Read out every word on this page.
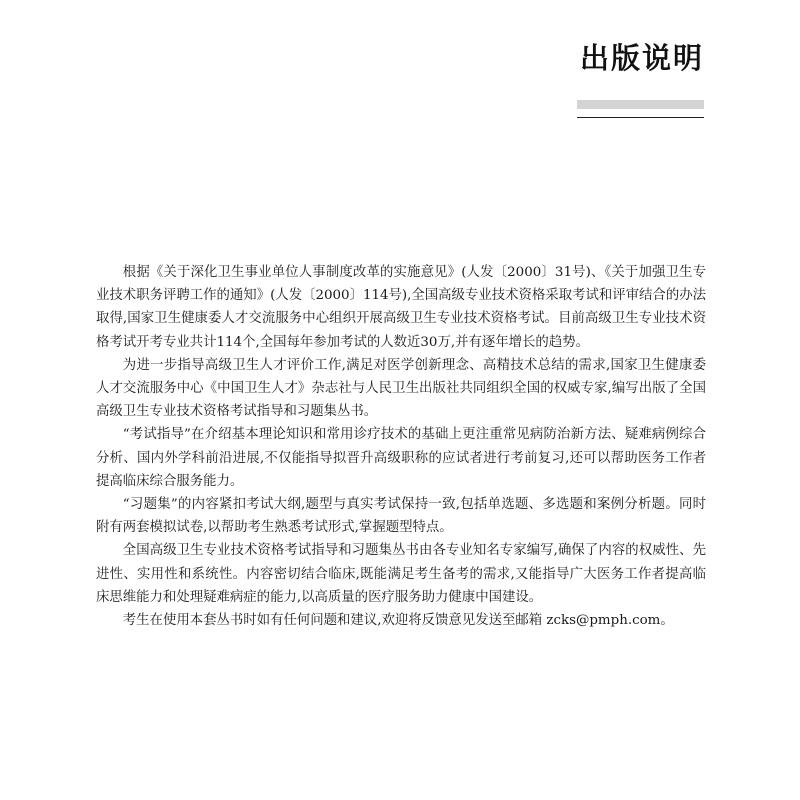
出版说明

根据《关于深化卫生事业单位人事制度改革的实施意见》(人发〔2000〕31号)、《关于加强卫生专业技术职务评聘工作的通知》(人发〔2000〕114号),全国高级专业技术资格采取考试和评审结合的办法取得,国家卫生健康委人才交流服务中心组织开展高级卫生专业技术资格考试。目前高级卫生专业技术资格考试开考专业共计114个,全国每年参加考试的人数近30万,并有逐年增长的趋势。

为进一步指导高级卫生人才评价工作,满足对医学创新理念、高精技术总结的需求,国家卫生健康委人才交流服务中心《中国卫生人才》杂志社与人民卫生出版社共同组织全国的权威专家,编写出版了全国高级卫生专业技术资格考试指导和习题集丛书。

“考试指导”在介绍基本理论知识和常用诊疗技术的基础上更注重常见病防治新方法、疑难病例综合分析、国内外学科前沿进展,不仅能指导拟晋升高级职称的应试者进行考前复习,还可以帮助医务工作者提高临床综合服务能力。

“习题集”的内容紧扣考试大纲,题型与真实考试保持一致,包括单选题、多选题和案例分析题。同时附有两套模拟试卷,以帮助考生熟悉考试形式,掌握题型特点。

全国高级卫生专业技术资格考试指导和习题集丛书由各专业知名专家编写,确保了内容的权威性、先进性、实用性和系统性。内容密切结合临床,既能满足考生备考的需求,又能指导广大医务工作者提高临床思维能力和处理疑难病症的能力,以高质量的医疗服务助力健康中国建设。

考生在使用本套丛书时如有任何问题和建议,欢迎将反馈意见发送至邮箱 zcks@pmph.com。
